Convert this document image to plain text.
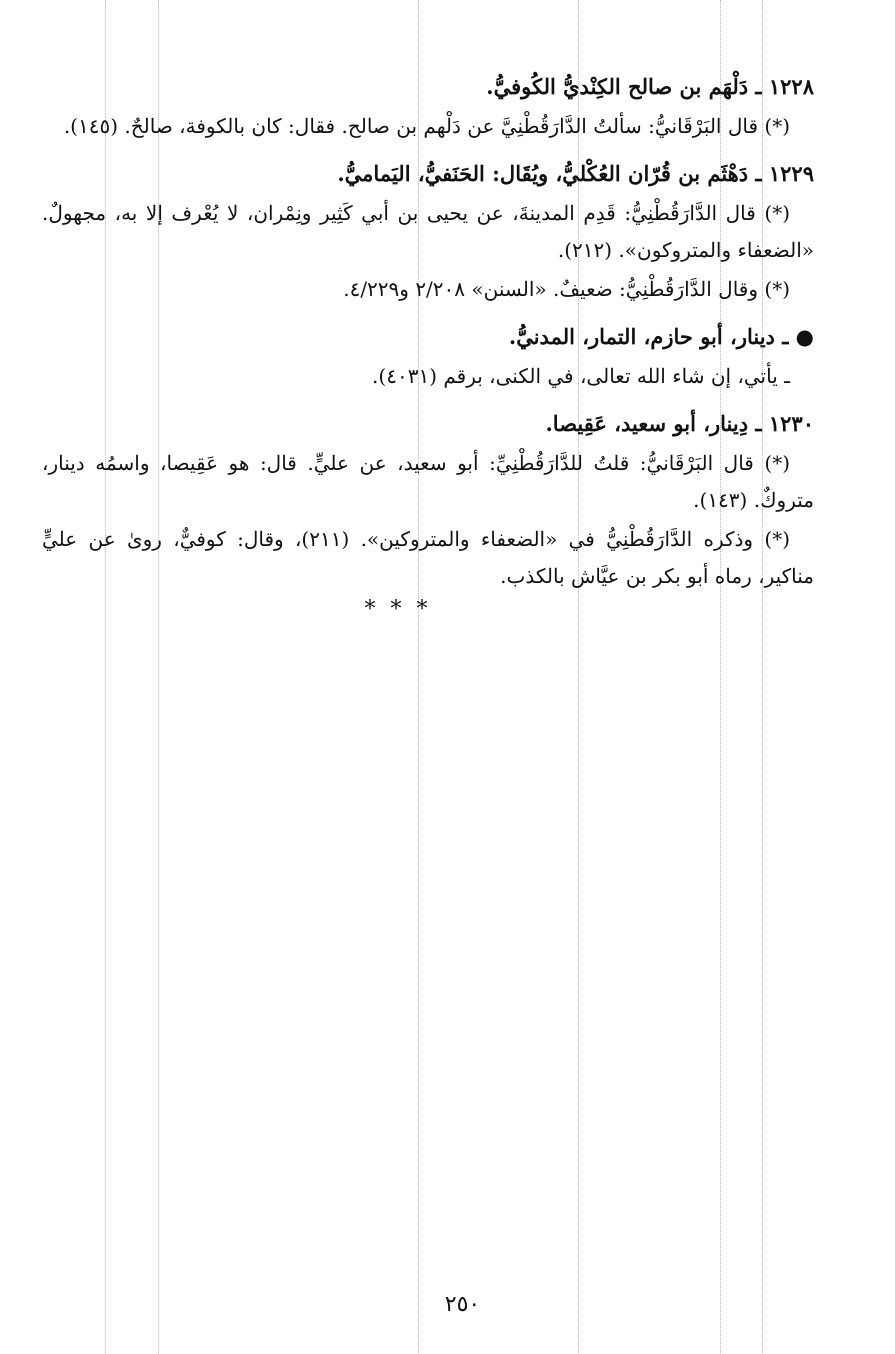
١٢٢٨ ـ دَلْهَم بن صالح الكِنْديُّ الكُوفيُّ.

(*) قال البَرْقَانيُّ: سألتُ الدَّارَقُطْنِيَّ عن دَلْهم بن صالح. فقال: كان بالكوفة، صالحٌ. (١٤٥).

١٢٢٩ ـ دَهْثَم بن قُرّان العُكْليُّ، ويُقَال: الحَنَفيُّ، اليَماميُّ.

(*) قال الدَّارَقُطْنِيُّ: قَدِم المدينةَ، عن يحيى بن أبي كَثِير ونِمْران، لا يُعْرف إلا به، مجهولٌ. «الضعفاء والمتروكون». (٢١٢).

(*) وقال الدَّارَقُطْنِيُّ: ضعيفٌ. «السنن» ٢/٢٠٨ و٤/٢٢٩.

● ـ دينار، أبو حازم، التمار، المدنيُّ.

ـ يأتي، إن شاء الله تعالى، في الكنى، برقم (٤٠٣١).

١٢٣٠ ـ دِينار، أبو سعيد، عَقِيصا.

(*) قال البَرْقَانيُّ: قلتُ للدَّارَقُطْنِيِّ: أبو سعيد، عن عليٍّ. قال: هو عَقِيصا، واسمُه دينار، متروكٌ. (١٤٣).

(*) وذكره الدَّارَقُطْنِيُّ في «الضعفاء والمتروكين». (٢١١)، وقال: كوفيٌّ، روىٰ عن عليٍّ مناكير، رماه أبو بكر بن عيَّاش بالكذب.

* * *
٢٥٠
